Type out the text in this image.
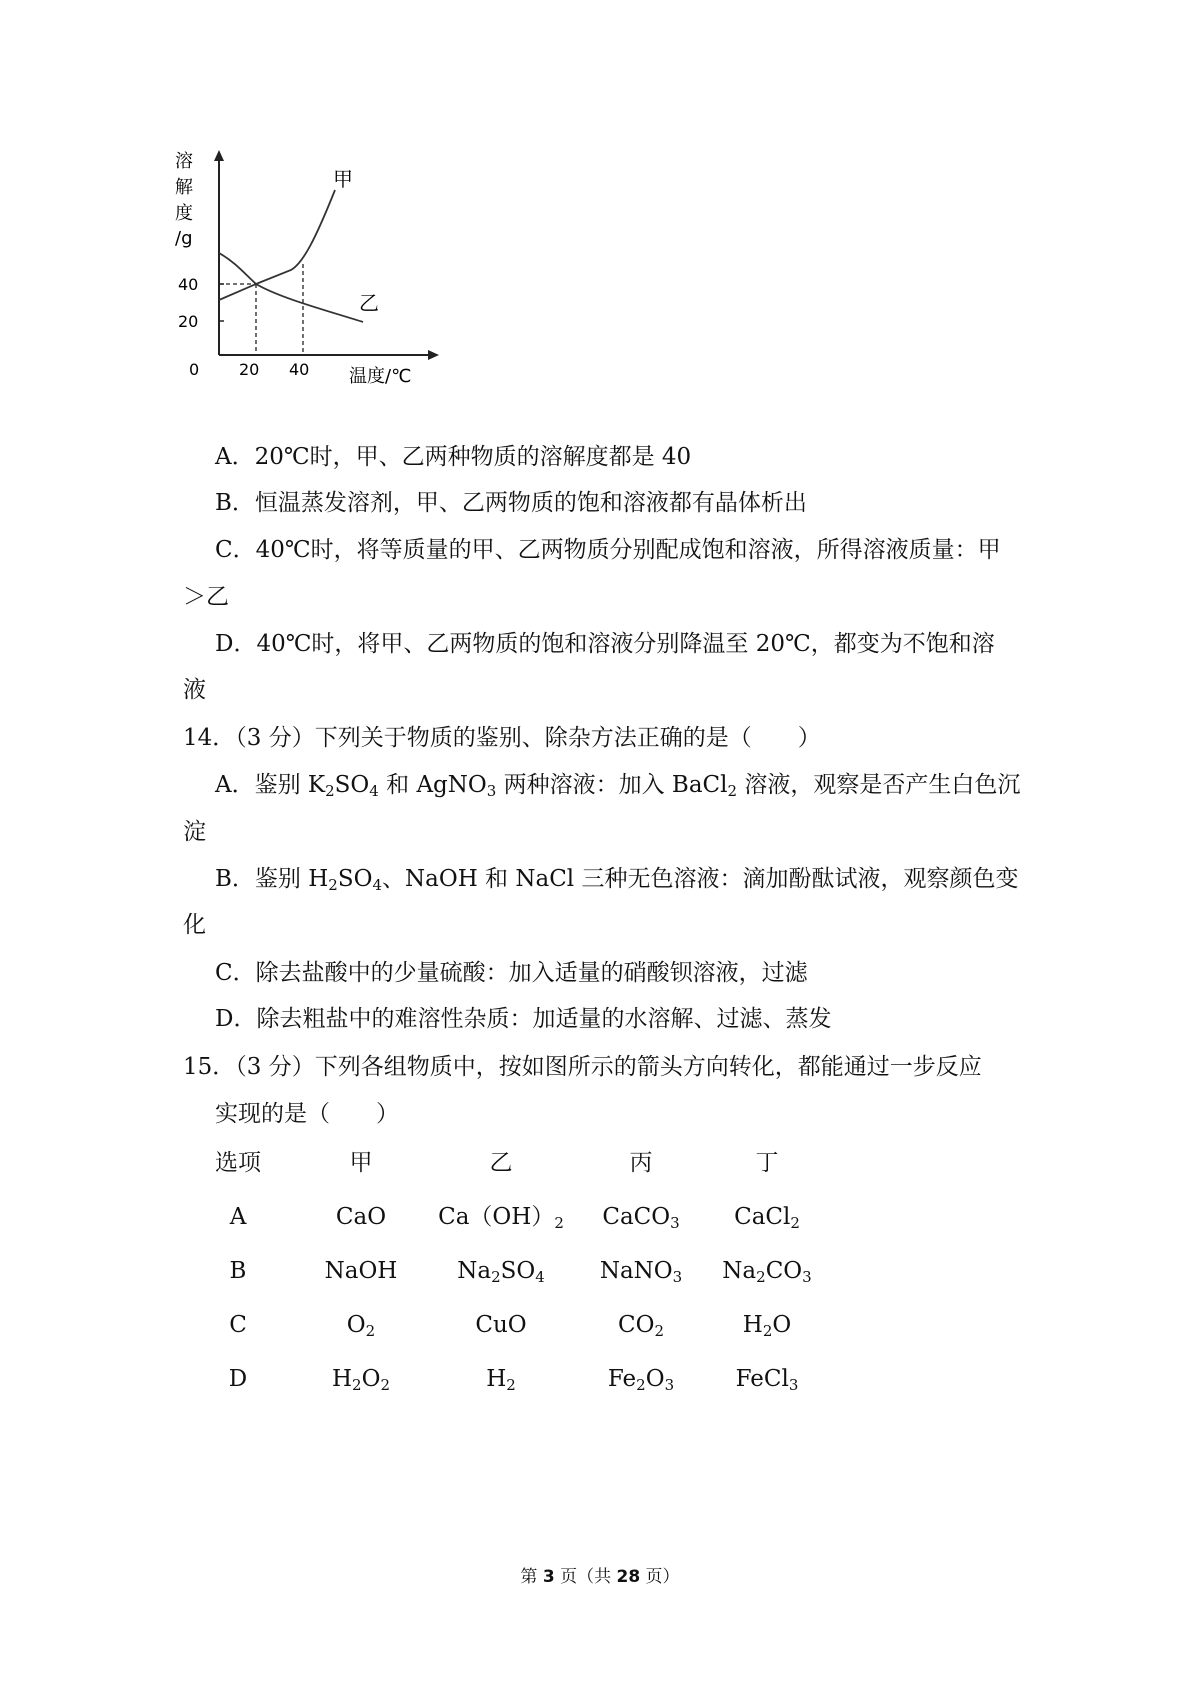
溶
解
度
/g
40
20
0 20 40 温度/℃
甲
乙
A．20℃时，甲、乙两种物质的溶解度都是 40
B．恒温蒸发溶剂，甲、乙两物质的饱和溶液都有晶体析出
C．40℃时，将等质量的甲、乙两物质分别配成饱和溶液，所得溶液质量：甲
＞乙
D．40℃时，将甲、乙两物质的饱和溶液分别降温至 20℃，都变为不饱和溶
液
14．（3 分）下列关于物质的鉴别、除杂方法正确的是（　　）
A．鉴别 $K_2SO_4$ 和 AgNO$_3$ 两种溶液：加入 BaCl$_2$ 溶液，观察是否产生白色沉
淀
B．鉴别 $H_2SO_4$、NaOH 和 NaCl 三种无色溶液：滴加酚酞试液，观察颜色变
化
C．除去盐酸中的少量硫酸：加入适量的硝酸钡溶液，过滤
D．除去粗盐中的难溶性杂质：加适量的水溶解、过滤、蒸发
15．（3 分）下列各组物质中，按如图所示的箭头方向转化，都能通过一步反应
实现的是（　　）
选项	甲	乙	丙	丁
A	CaO	$Ca(OH)_2$	CaCO$_3$	CaCl$_2$
B	NaOH	$Na_2SO_4$	NaNO$_3$	$Na_2CO_3$
C	$O_2$	CuO	$CO_2$	$H_2O$
D	$H_2O_2$	$H_2$	$Fe_2O_3$	FeCl$_3$
第 3 页（共 28 页）
